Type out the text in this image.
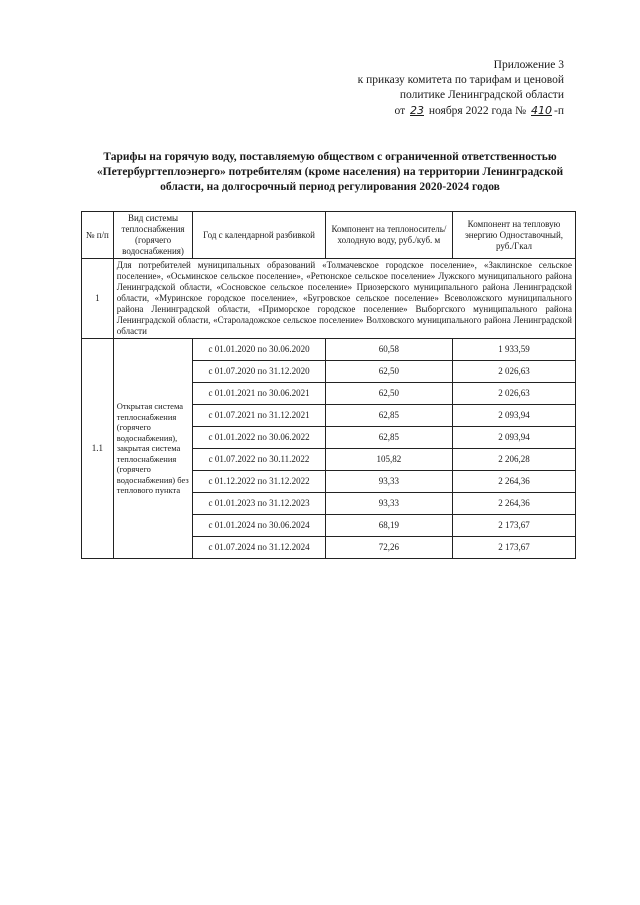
Приложение 3
к приказу комитета по тарифам и ценовой
политике Ленинградской области
от 23 ноября 2022 года № 410 -п
Тарифы на горячую воду, поставляемую обществом с ограниченной ответственностью «Петербургтеплоэнерго» потребителям (кроме населения) на территории Ленинградской области, на долгосрочный период регулирования 2020-2024 годов
№ п/п	Вид системы теплоснабжения (горячего водоснабжения)	Год с календарной разбивкой	Компонент на теплоноситель/холодную воду, руб./куб. м	Компонент на тепловую энергию Одноставочный, руб./Гкал
1	Для потребителей муниципальных образований «Толмачевское городское поселение», «Заклинское сельское поселение», «Осьминское сельское поселение», «Ретюнское сельское поселение» Лужского муниципального района Ленинградской области, «Сосновское сельское поселение» Приозерского муниципального района Ленинградской области, «Муринское городское поселение», «Бугровское сельское поселение» Всеволожского муниципального района Ленинградской области, «Приморское городское поселение» Выборгского муниципального района Ленинградской области, «Староладожское сельское поселение» Волховского муниципального района Ленинградской области			
1.1	Открытая система теплоснабжения (горячего водоснабжения), закрытая система теплоснабжения (горячего водоснабжения) без теплового пункта	с 01.01.2020 по 30.06.2020	60,58	1 933,59
		с 01.07.2020 по 31.12.2020	62,50	2 026,63
		с 01.01.2021 по 30.06.2021	62,50	2 026,63
		с 01.07.2021 по 31.12.2021	62,85	2 093,94
		с 01.01.2022 по 30.06.2022	62,85	2 093,94
		с 01.07.2022 по 30.11.2022	105,82	2 206,28
		с 01.12.2022 по 31.12.2022	93,33	2 264,36
		с 01.01.2023 по 31.12.2023	93,33	2 264,36
		с 01.01.2024 по 30.06.2024	68,19	2 173,67
		с 01.07.2024 по 31.12.2024	72,26	2 173,67
